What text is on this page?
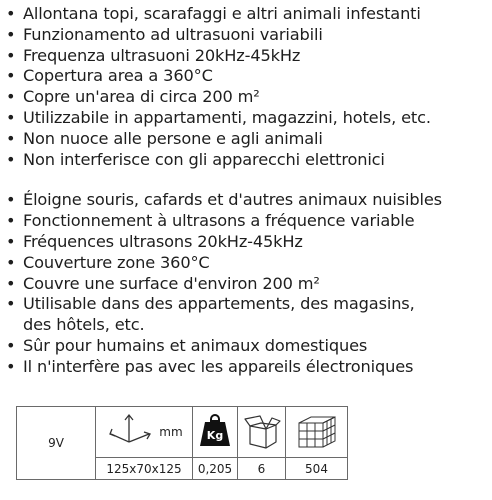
• Allontana topi, scarafaggi e altri animali infestanti
• Funzionamento ad ultrasuoni variabili
• Frequenza ultrasuoni 20kHz-45kHz
• Copertura area a 360°C
• Copre un'area di circa 200 m²
• Utilizzabile in appartamenti, magazzini, hotels, etc.
• Non nuoce alle persone e agli animali
• Non interferisce con gli apparecchi elettronici
• Éloigne souris, cafards et d'autres animaux nuisibles
• Fonctionnement à ultrasons a fréquence variable
• Fréquences ultrasons 20kHz-45kHz
• Couverture zone 360°C
• Couvre une surface d'environ 200 m²
• Utilisable dans des appartements, des magasins,
des hôtels, etc.
• Sûr pour humains et animaux domestiques
• Il n'interfère pas avec les appareils électroniques
9V	mm	Kg

	125x70x125	0,205	6	504
